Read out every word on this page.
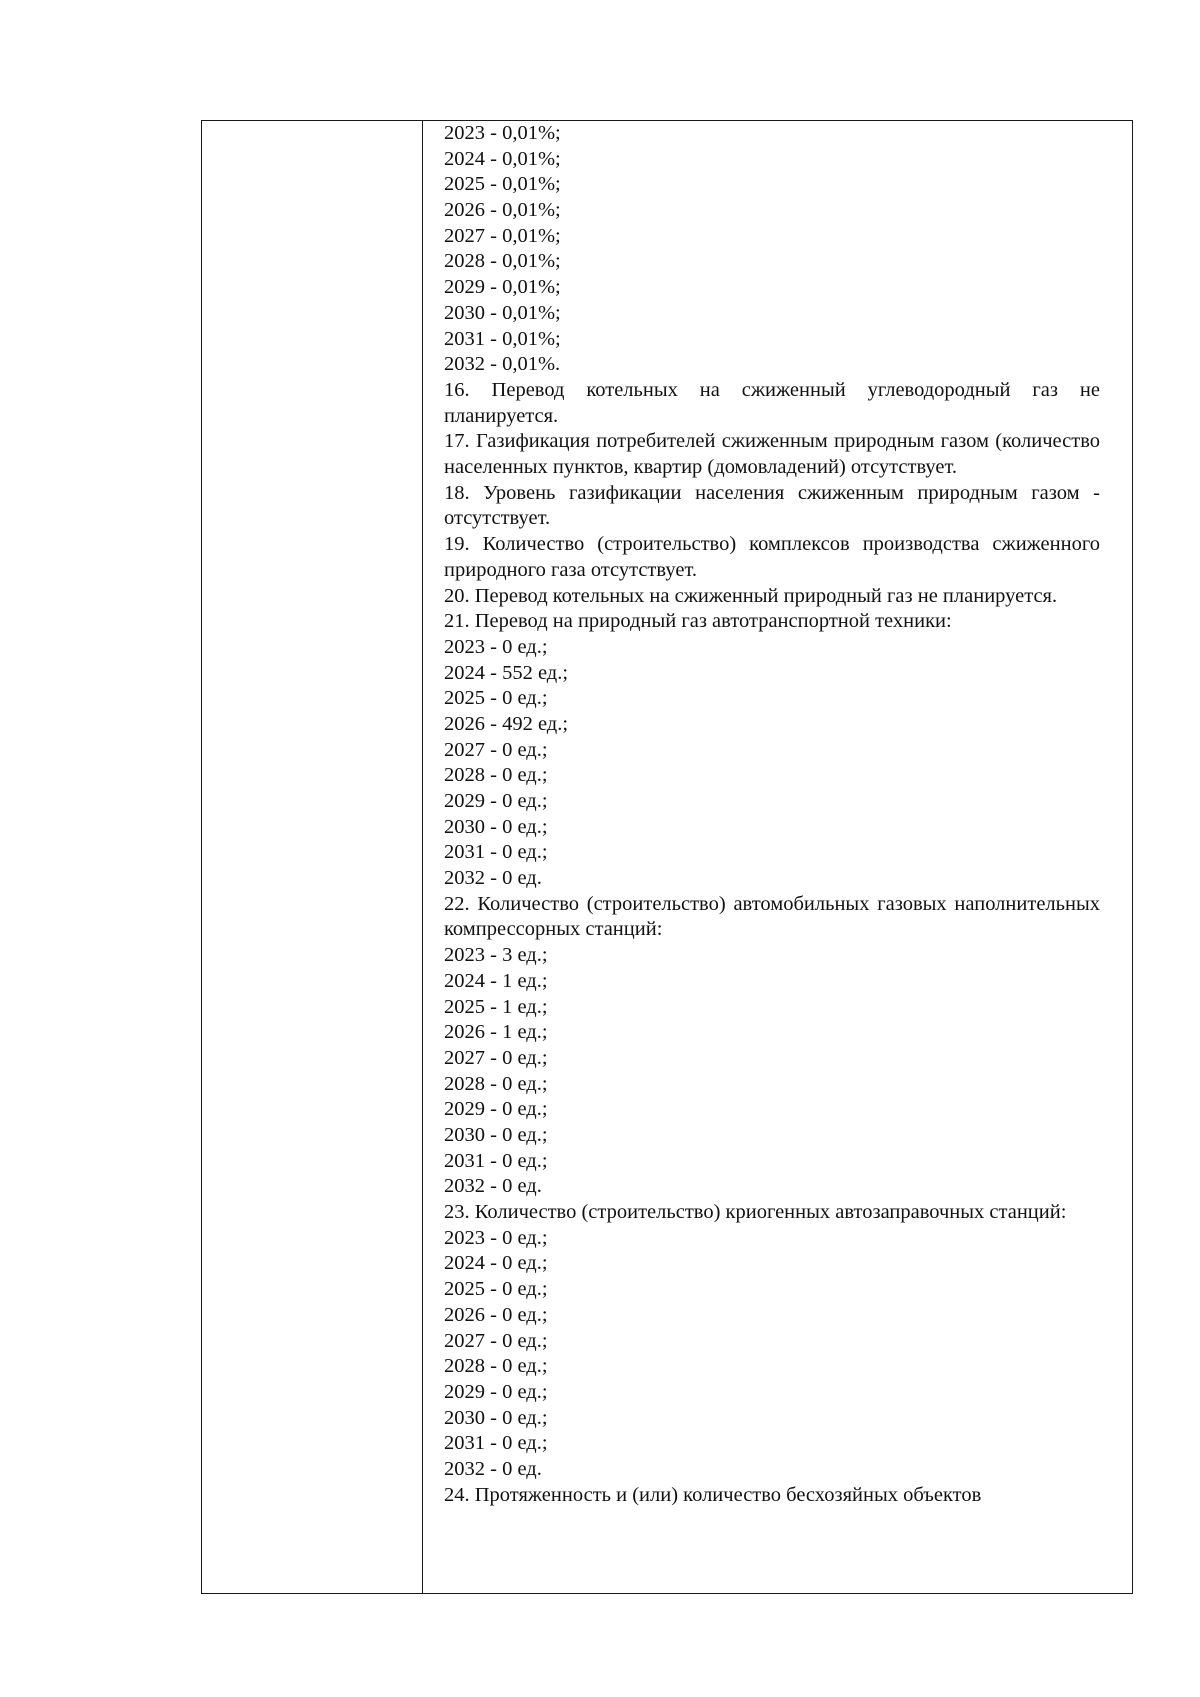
2023 - 0,01%;
2024 - 0,01%;
2025 - 0,01%;
2026 - 0,01%;
2027 - 0,01%;
2028 - 0,01%;
2029 - 0,01%;
2030 - 0,01%;
2031 - 0,01%;
2032 - 0,01%.
16. Перевод котельных на сжиженный углеводородный газ не планируется.
17. Газификация потребителей сжиженным природным газом (количество населенных пунктов, квартир (домовладений) отсутствует.
18. Уровень газификации населения сжиженным природным газом - отсутствует.
19. Количество (строительство) комплексов производства сжиженного природного газа отсутствует.
20. Перевод котельных на сжиженный природный газ не планируется.
21. Перевод на природный газ автотранспортной техники:
2023 - 0 ед.;
2024 - 552 ед.;
2025 - 0 ед.;
2026 - 492 ед.;
2027 - 0 ед.;
2028 - 0 ед.;
2029 - 0 ед.;
2030 - 0 ед.;
2031 - 0 ед.;
2032 - 0 ед.
22. Количество (строительство) автомобильных газовых наполнительных компрессорных станций:
2023 - 3 ед.;
2024 - 1 ед.;
2025 - 1 ед.;
2026 - 1 ед.;
2027 - 0 ед.;
2028 - 0 ед.;
2029 - 0 ед.;
2030 - 0 ед.;
2031 - 0 ед.;
2032 - 0 ед.
23. Количество (строительство) криогенных автозаправочных станций:
2023 - 0 ед.;
2024 - 0 ед.;
2025 - 0 ед.;
2026 - 0 ед.;
2027 - 0 ед.;
2028 - 0 ед.;
2029 - 0 ед.;
2030 - 0 ед.;
2031 - 0 ед.;
2032 - 0 ед.
24. Протяженность и (или) количество бесхозяйных объектов
